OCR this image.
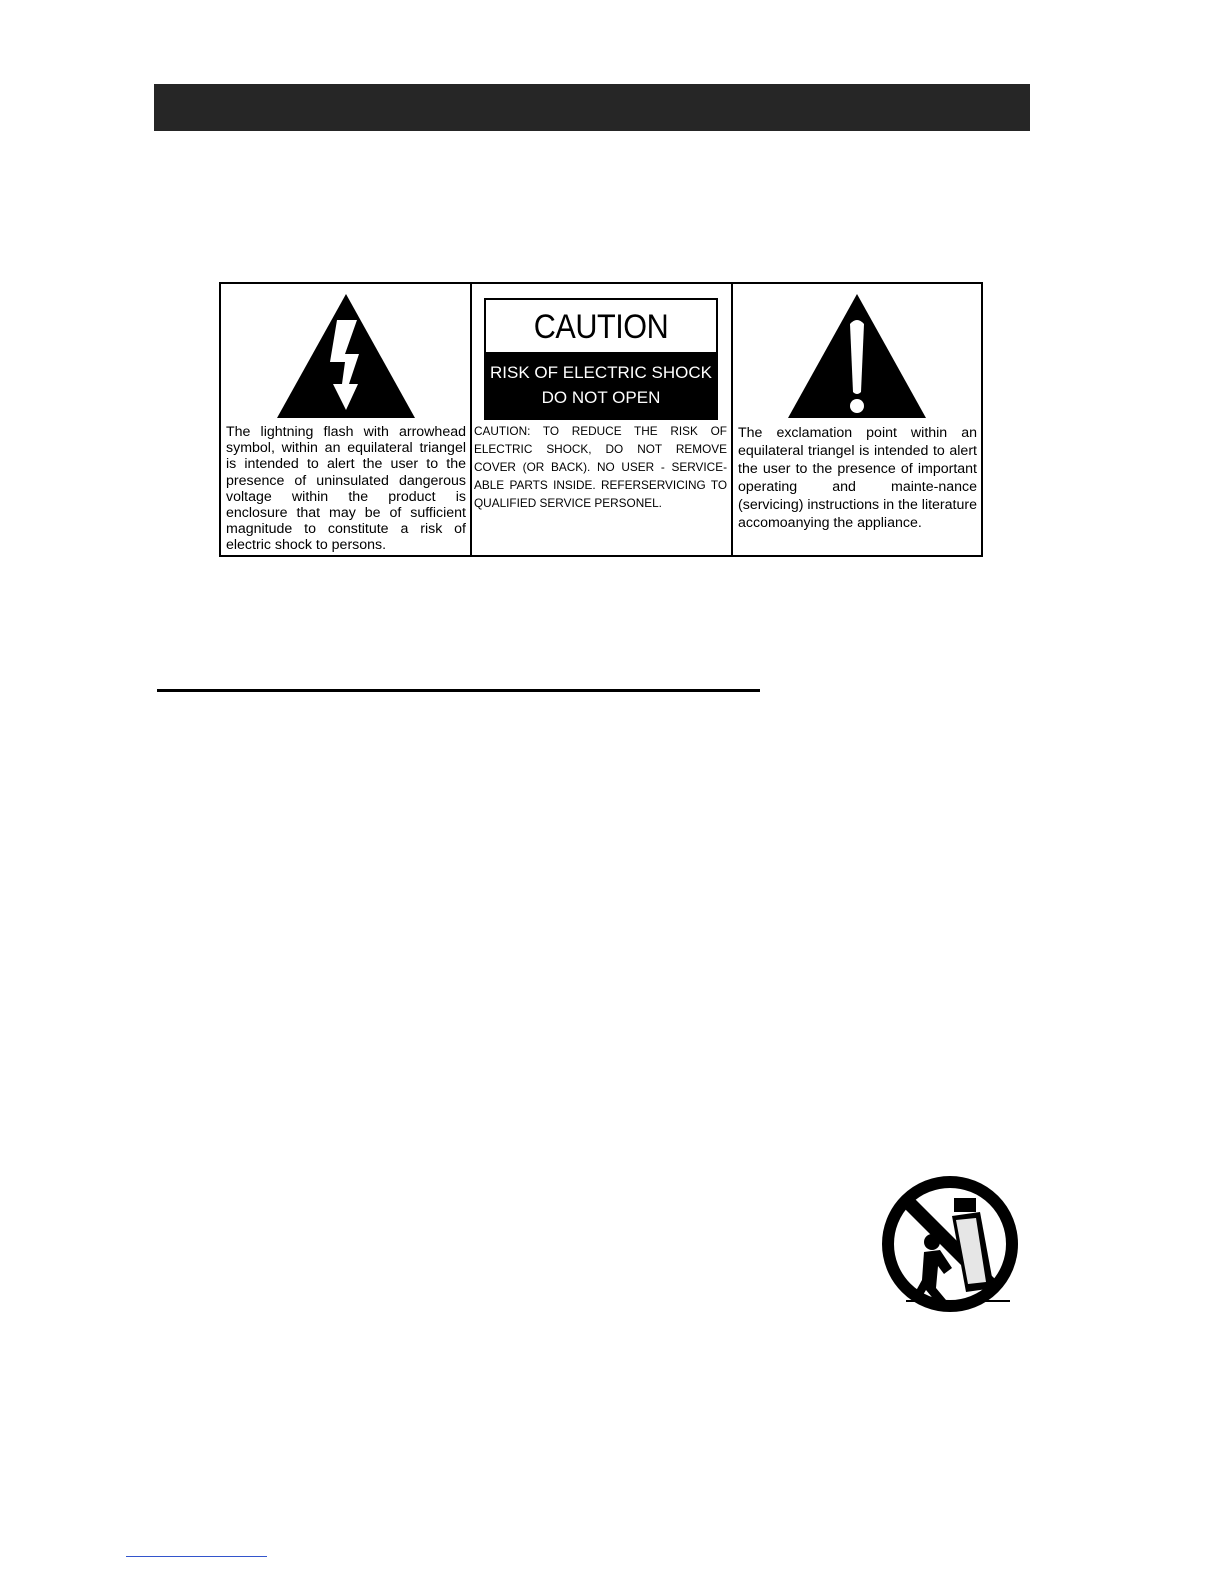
The lightning flash with arrowhead symbol, within an equilateral triangel is intended to alert the user to the presence of uninsulated dangerous voltage within the product is enclosure that may be of sufficient magnitude to constitute a risk of electric shock to persons.
CAUTION
RISK OF ELECTRIC SHOCK
DO NOT OPEN
CAUTION: TO REDUCE THE RISK OF ELECTRIC SHOCK, DO NOT REMOVE COVER (OR BACK). NO USER - SERVICE-ABLE PARTS INSIDE. REFERSERVICING TO QUALIFIED SERVICE PERSONEL.
The exclamation point within an equilateral triangel is intended to alert the user to the presence of important operating and mainte-nance (servicing) instructions in the literature accomoanying the appliance.
